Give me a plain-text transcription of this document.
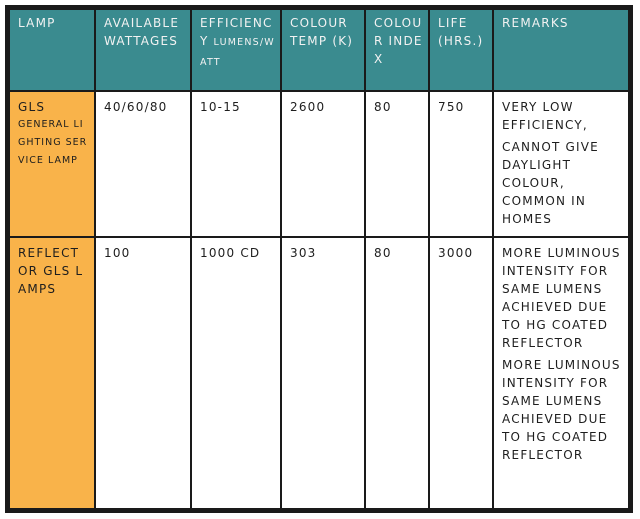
LAMP	AVAILABLE WATTAGES	EFFICIENCY LUMENS/WATT	COLOUR TEMP (K)	COLOUR INDEX	LIFE (HRS.)	REMARKS
GLS
GENERAL LIGHTING SERVICE LAMP	40/60/80	10-15	2600	80	750	VERY LOW EFFICIENCY,
CANNOT GIVE DAYLIGHT COLOUR, COMMON IN HOMES

REFLECTOR GLS LAMPS	100	1000 CD	303	80	3000	MORE LUMINOUS INTENSITY FOR SAME LUMENS ACHIEVED DUE TO HG COATED REFLECTOR
MORE LUMINOUS INTENSITY FOR SAME LUMENS ACHIEVED DUE TO HG COATED REFLECTOR
